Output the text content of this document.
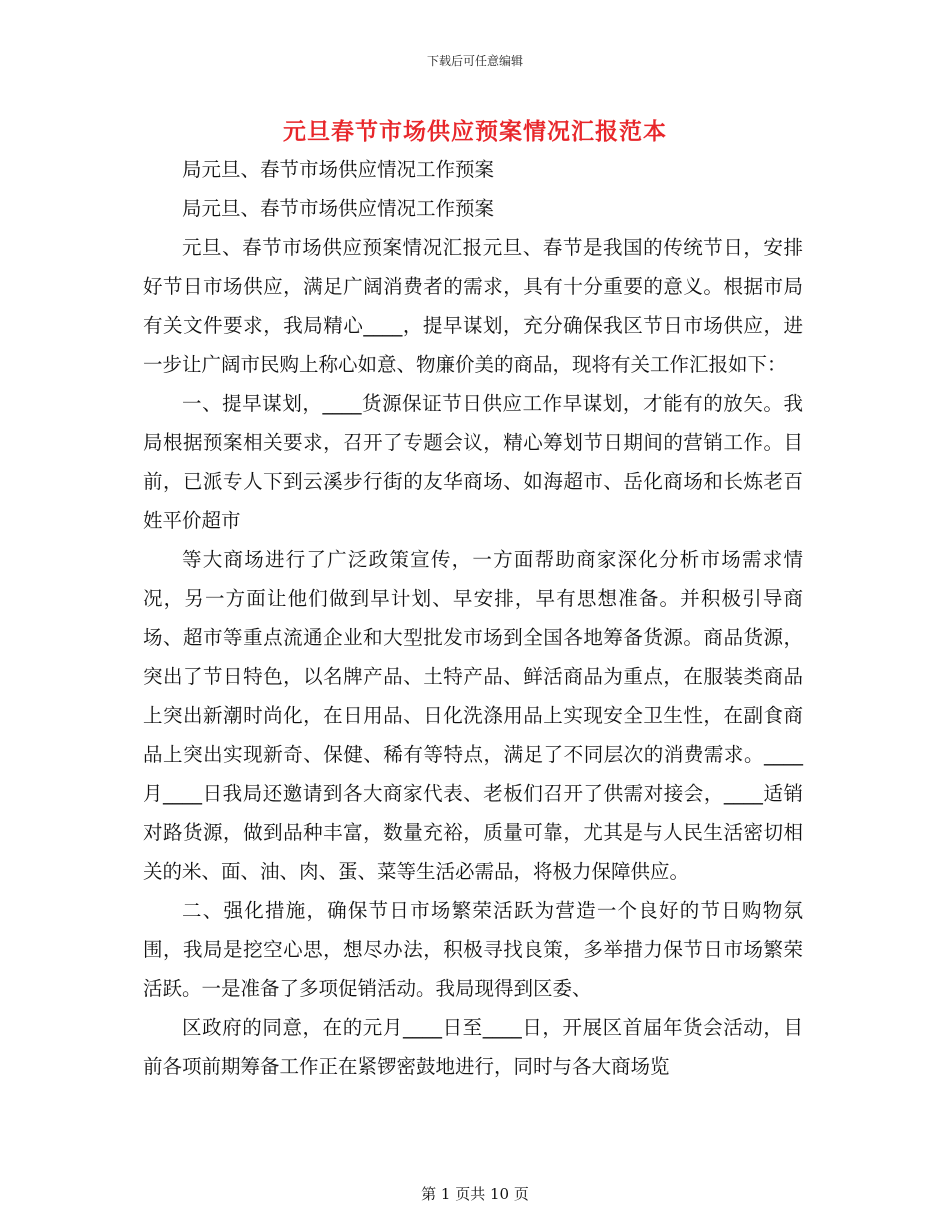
下载后可任意编辑
元旦春节市场供应预案情况汇报范本

局元旦、春节市场供应情况工作预案

局元旦、春节市场供应情况工作预案

元旦、春节市场供应预案情况汇报元旦、春节是我国的传统节日，安排好节日市场供应，满足广阔消费者的需求，具有十分重要的意义。根据市局有关文件要求，我局精心____，提早谋划，充分确保我区节日市场供应，进一步让广阔市民购上称心如意、物廉价美的商品，现将有关工作汇报如下：

一、提早谋划，____货源保证节日供应工作早谋划，才能有的放矢。我局根据预案相关要求，召开了专题会议，精心筹划节日期间的营销工作。目前，已派专人下到云溪步行街的友华商场、如海超市、岳化商场和长炼老百姓平价超市

等大商场进行了广泛政策宣传，一方面帮助商家深化分析市场需求情况，另一方面让他们做到早计划、早安排，早有思想准备。并积极引导商场、超市等重点流通企业和大型批发市场到全国各地筹备货源。商品货源，突出了节日特色，以名牌产品、土特产品、鲜活商品为重点，在服装类商品上突出新潮时尚化，在日用品、日化洗涤用品上实现安全卫生性，在副食商品上突出实现新奇、保健、稀有等特点，满足了不同层次的消费需求。____月____日我局还邀请到各大商家代表、老板们召开了供需对接会，____适销对路货源，做到品种丰富，数量充裕，质量可靠，尤其是与人民生活密切相关的米、面、油、肉、蛋、菜等生活必需品，将极力保障供应。

二、强化措施，确保节日市场繁荣活跃为营造一个良好的节日购物氛围，我局是挖空心思，想尽办法，积极寻找良策，多举措力保节日市场繁荣活跃。一是准备了多项促销活动。我局现得到区委、

区政府的同意，在的元月____日至____日，开展区首届年货会活动，目前各项前期筹备工作正在紧锣密鼓地进行，同时与各大商场览

第 1 页共 10 页
